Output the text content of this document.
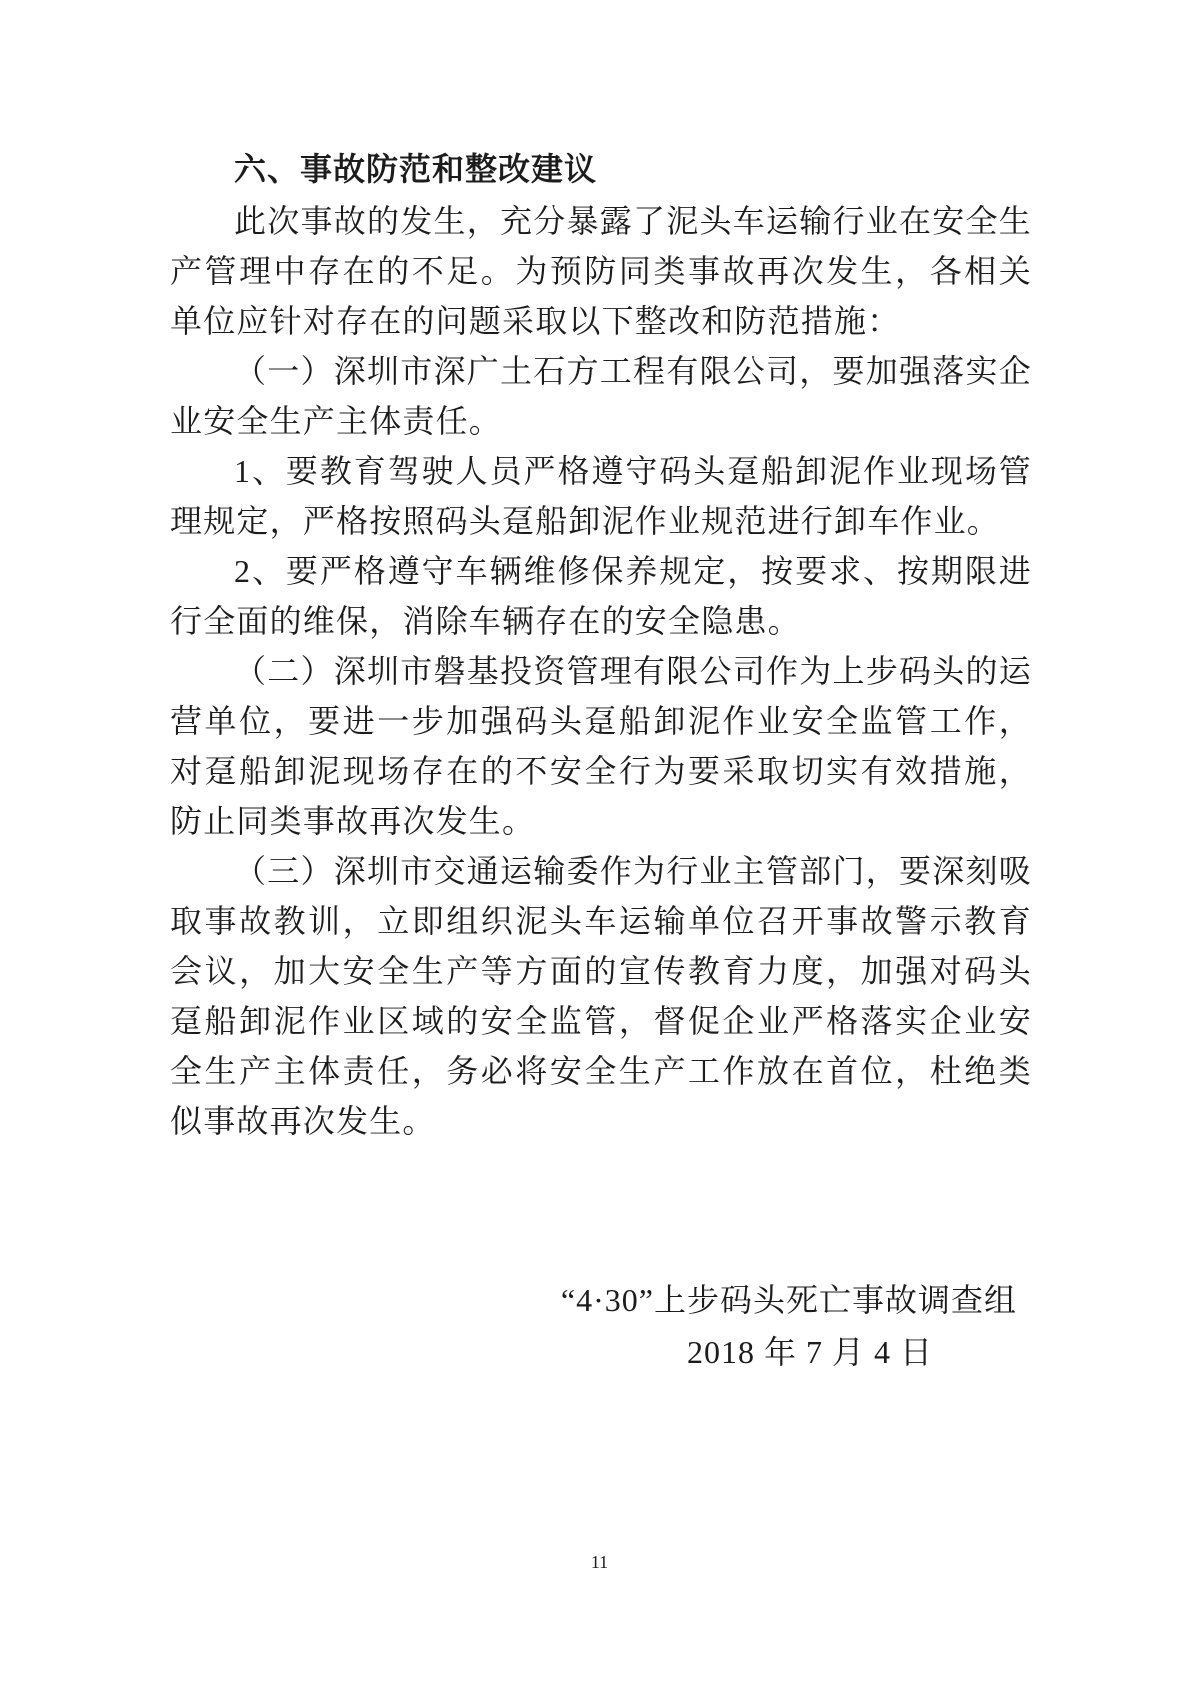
六、事故防范和整改建议

此次事故的发生，充分暴露了泥头车运输行业在安全生产管理中存在的不足。为预防同类事故再次发生，各相关单位应针对存在的问题采取以下整改和防范措施：

（一）深圳市深广土石方工程有限公司，要加强落实企业安全生产主体责任。

1、要教育驾驶人员严格遵守码头趸船卸泥作业现场管理规定，严格按照码头趸船卸泥作业规范进行卸车作业。

2、要严格遵守车辆维修保养规定，按要求、按期限进行全面的维保，消除车辆存在的安全隐患。

（二）深圳市磐基投资管理有限公司作为上步码头的运营单位，要进一步加强码头趸船卸泥作业安全监管工作，对趸船卸泥现场存在的不安全行为要采取切实有效措施，防止同类事故再次发生。

（三）深圳市交通运输委作为行业主管部门，要深刻吸取事故教训，立即组织泥头车运输单位召开事故警示教育会议，加大安全生产等方面的宣传教育力度，加强对码头趸船卸泥作业区域的安全监管，督促企业严格落实企业安全生产主体责任，务必将安全生产工作放在首位，杜绝类似事故再次发生。

“4·30”上步码头死亡事故调查组

2018 年 7 月 4 日

11
